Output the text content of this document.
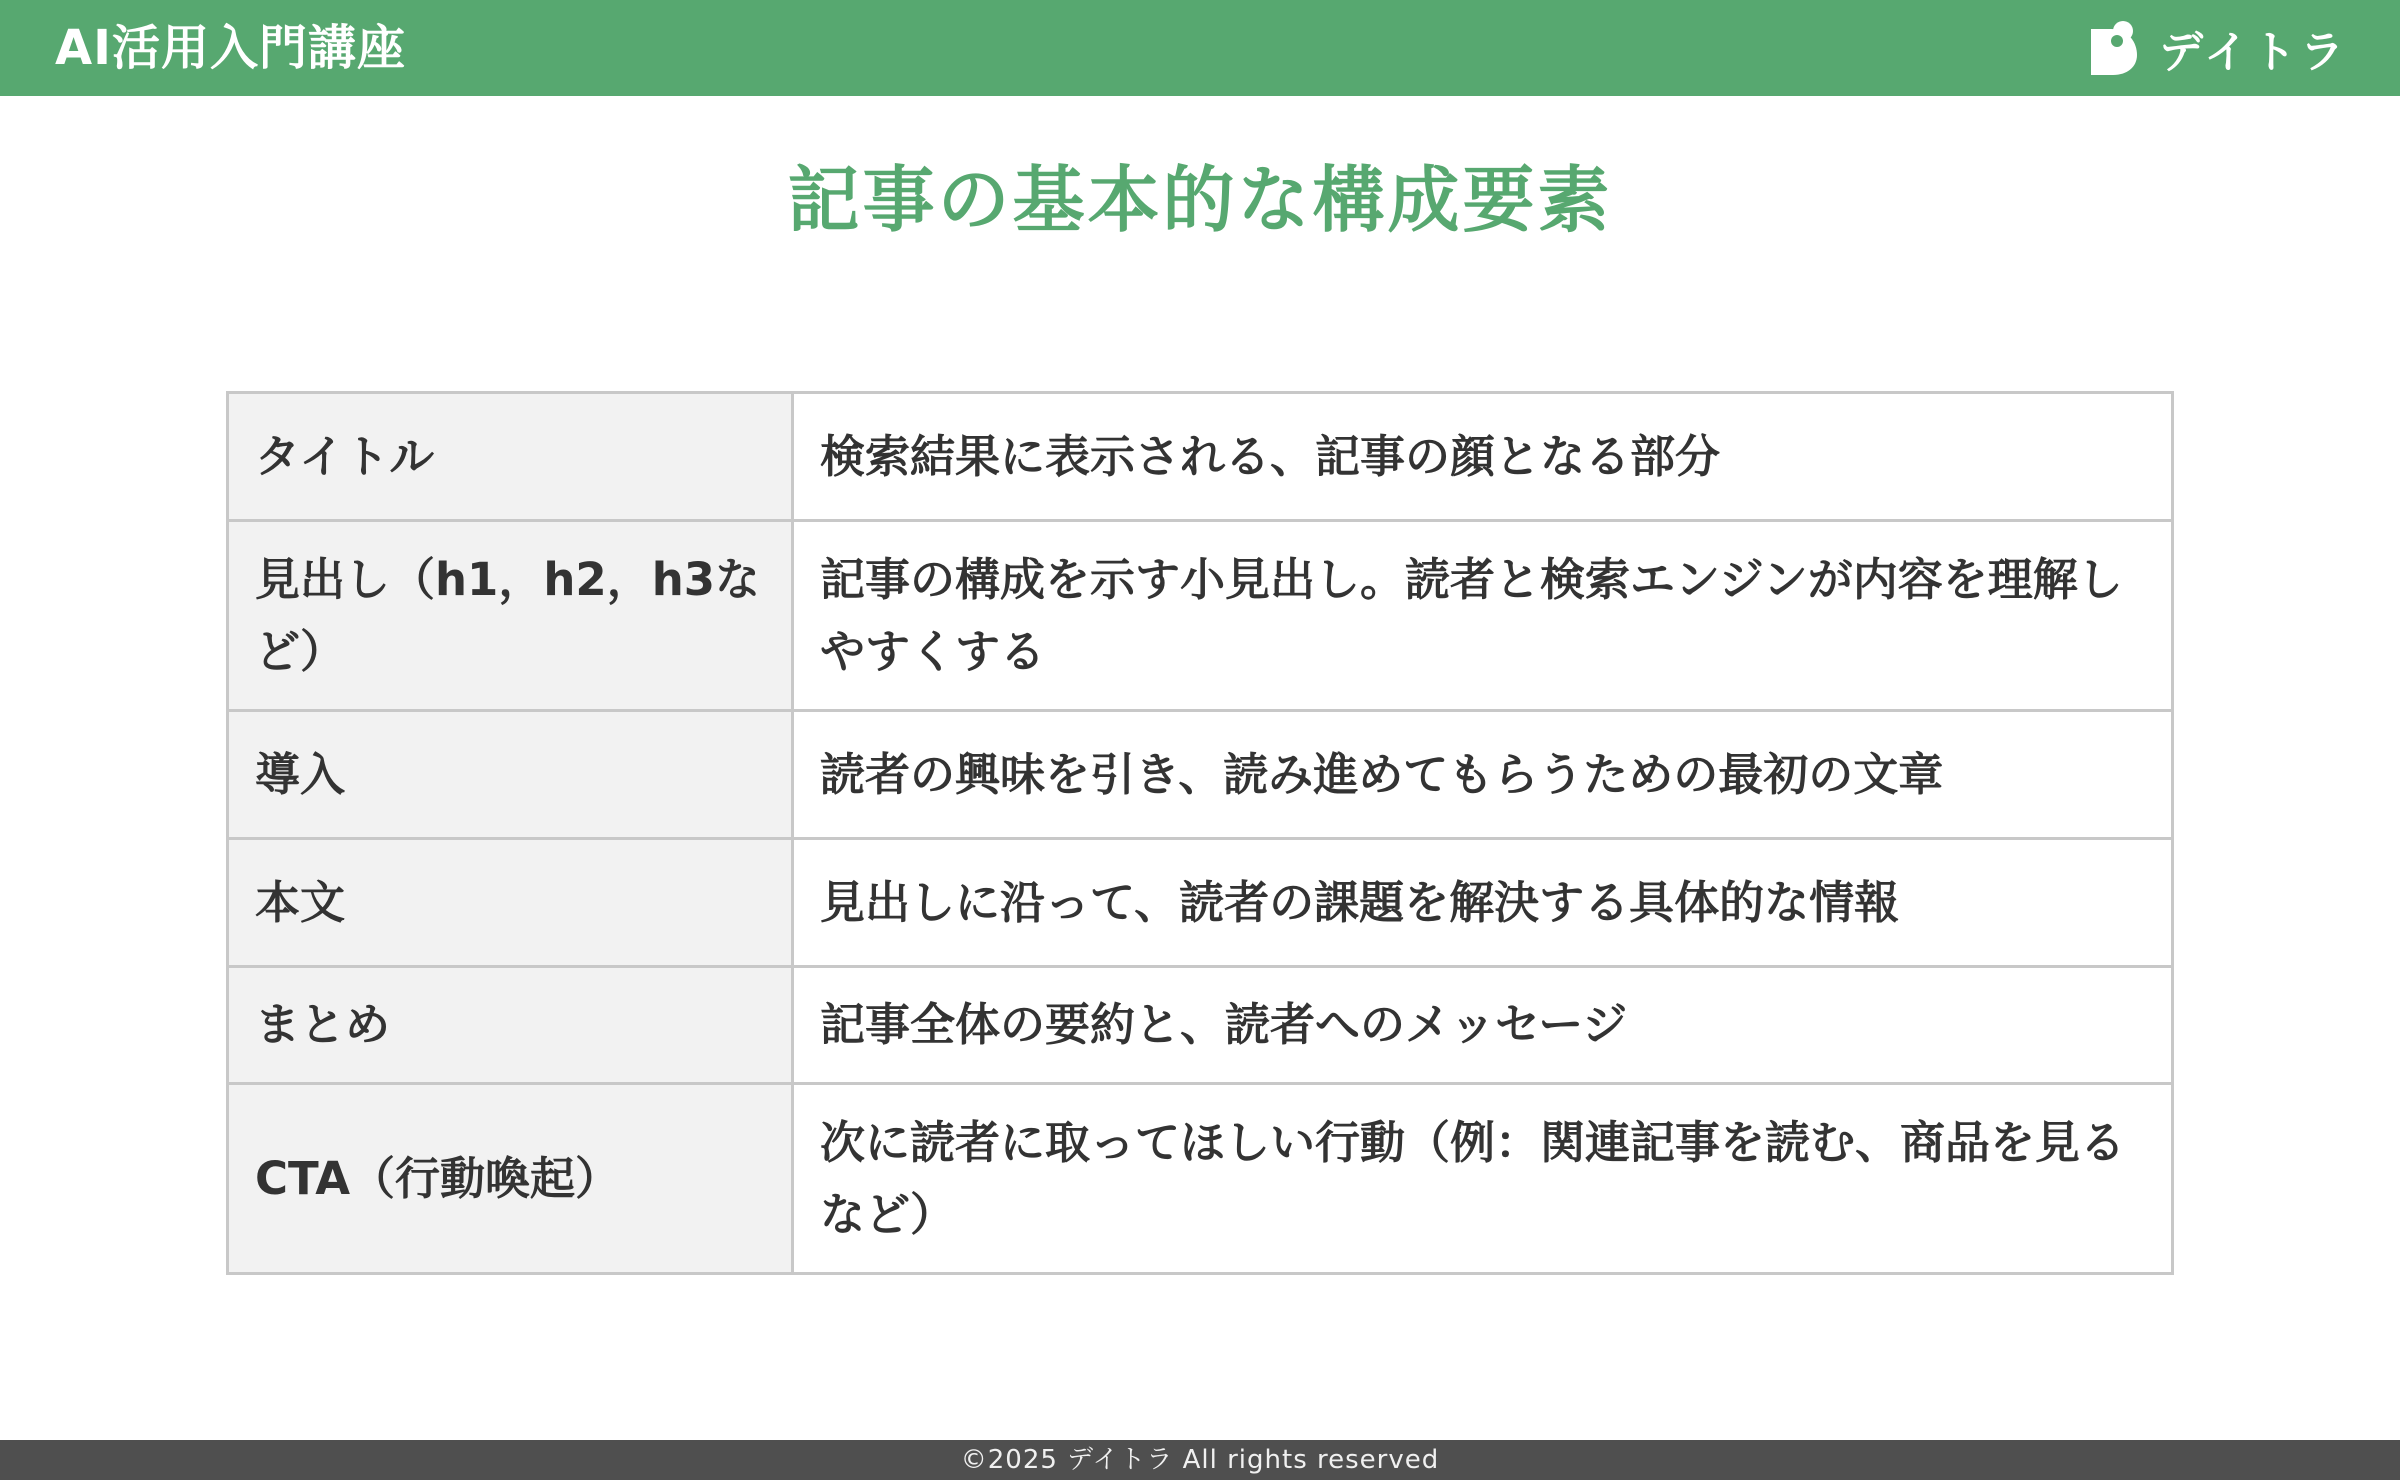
AI活用入門講座	デイトラ
記事の基本的な構成要素
タイトル	検索結果に表示される、記事の顔となる部分
見出し（h1，h2，h3など）	記事の構成を示す小見出し。読者と検索エンジンが内容を理解しやすくする
導入	読者の興味を引き、読み進めてもらうための最初の文章
本文	見出しに沿って、読者の課題を解決する具体的な情報
まとめ	記事全体の要約と、読者へのメッセージ
CTA（行動喚起）	次に読者に取ってほしい行動（例：関連記事を読む、商品を見るなど）
©2025 デイトラ All rights reserved
